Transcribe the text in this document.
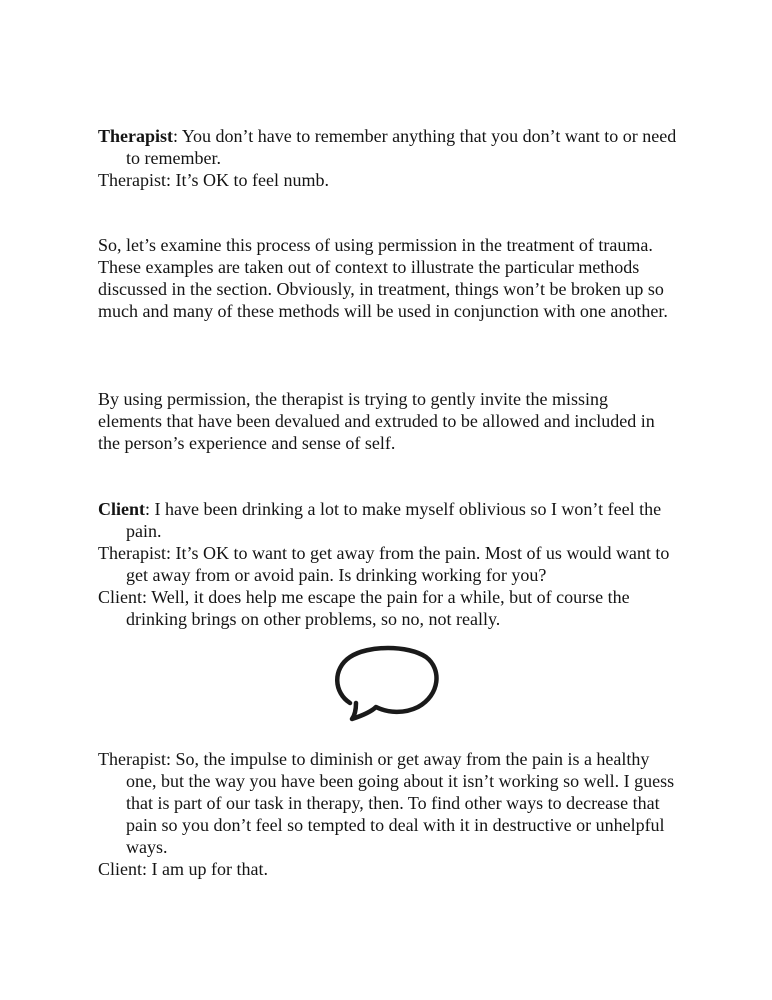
Therapist: You don’t have to remember anything that you don’t want to or need to remember.
Therapist: It’s OK to feel numb.

So, let’s examine this process of using permission in the treatment of trauma. These examples are taken out of context to illustrate the particular methods discussed in the section. Obviously, in treatment, things won’t be broken up so much and many of these methods will be used in conjunction with one another.

By using permission, the therapist is trying to gently invite the missing elements that have been devalued and extruded to be allowed and included in the person’s experience and sense of self.

Client: I have been drinking a lot to make myself oblivious so I won’t feel the pain.
Therapist: It’s OK to want to get away from the pain. Most of us would want to get away from or avoid pain. Is drinking working for you?
Client: Well, it does help me escape the pain for a while, but of course the drinking brings on other problems, so no, not really.
Therapist: So, the impulse to diminish or get away from the pain is a healthy one, but the way you have been going about it isn’t working so well. I guess that is part of our task in therapy, then. To find other ways to decrease that pain so you don’t feel so tempted to deal with it in destructive or unhelpful ways.
Client: I am up for that.
